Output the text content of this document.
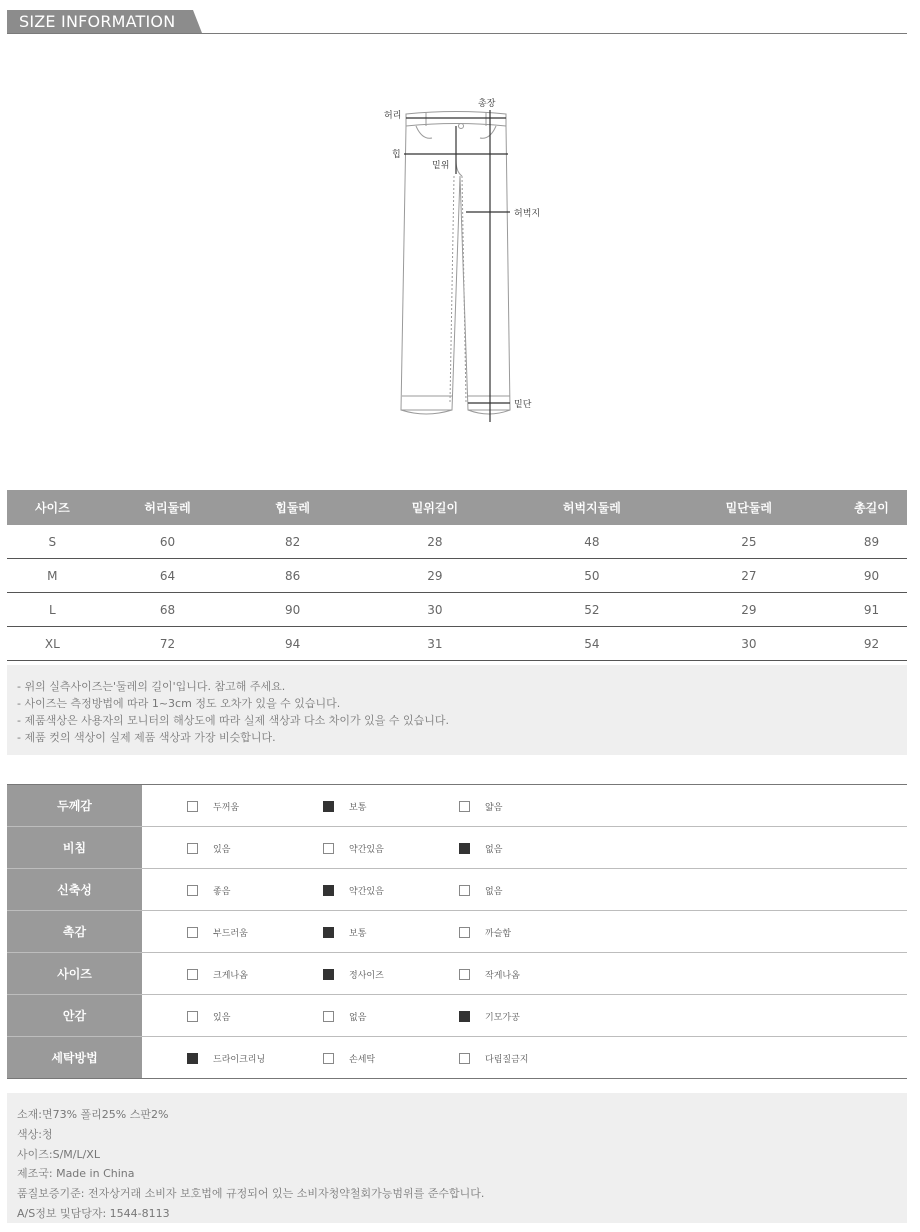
SIZE INFORMATION
허리
총장
힙
밑위
허벅지
밑단
사이즈	허리둘레	힙둘레	밑위길이	허벅지둘레	밑단둘레	총길이
S	60	82	28	48	25	89
M	64	86	29	50	27	90
L	68	90	30	52	29	91
XL	72	94	31	54	30	92
- 위의 실측사이즈는'둘레의 길이'입니다. 참고해 주세요.
- 사이즈는 측정방법에 따라 1~3cm 정도 오차가 있을 수 있습니다.
- 제품색상은 사용자의 모니터의 해상도에 따라 실제 색상과 다소 차이가 있을 수 있습니다.
- 제품 컷의 색상이 실제 제품 색상과 가장 비슷합니다.
두께감	두꺼움	보통	얇음
비침	있음	약간있음	없음
신축성	좋음	약간있음	없음
촉감	부드러움	보통	까슬함
사이즈	크게나옴	정사이즈	작게나옴
안감	있음	없음	기모가공
세탁방법	드라이크리닝	손세탁	다림질금지
소재:면73% 폴리25% 스판2%
색상:청
사이즈:S/M/L/XL
제조국: Made in China
품질보증기준: 전자상거래 소비자 보호법에 규정되어 있는 소비자청약철회가능범위를 준수합니다.
A/S정보 및담당자: 1544-8113
